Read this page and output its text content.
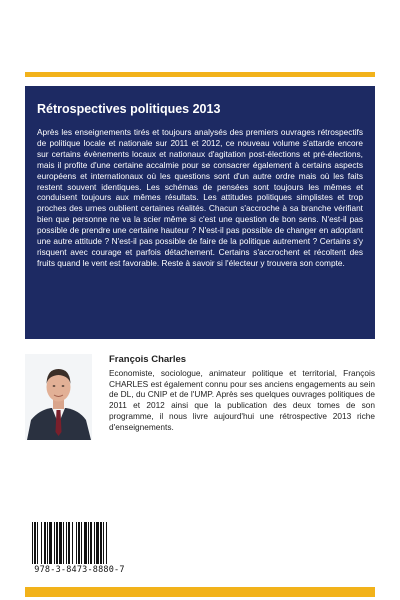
Rétrospectives politiques 2013

Après les enseignements tirés et toujours analysés des premiers ouvrages rétrospectifs de politique locale et nationale sur 2011 et 2012, ce nouveau volume s'attarde encore sur certains évènements locaux et nationaux d'agitation post-élections et pré-élections, mais il profite d'une certaine accalmie pour se consacrer également à certains aspects européens et internationaux où les questions sont d'un autre ordre mais où les faits restent souvent identiques. Les schémas de pensées sont toujours les mêmes et conduisent toujours aux mêmes résultats. Les attitudes politiques simplistes et trop proches des urnes oublient certaines réalités. Chacun s'accroche à sa branche vérifiant bien que personne ne va la scier même si c'est une question de bon sens. N'est-il pas possible de prendre une certaine hauteur ? N'est-il pas possible de changer en adoptant une autre attitude ? N'est-il pas possible de faire de la politique autrement ? Certains s'y risquent avec courage et parfois détachement. Certains s'accrochent et récoltent des fruits quand le vent est favorable. Reste à savoir si l'électeur y trouvera son compte.

François Charles

Economiste, sociologue, animateur politique et territorial, François CHARLES est également connu pour ses anciens engagements au sein de DL, du CNIP et de l'UMP. Après ses quelques ouvrages politiques de 2011 et 2012 ainsi que la publication des deux tomes de son programme, il nous livre aujourd'hui une rétrospective 2013 riche d'enseignements.

978-3-8473-8880-7
